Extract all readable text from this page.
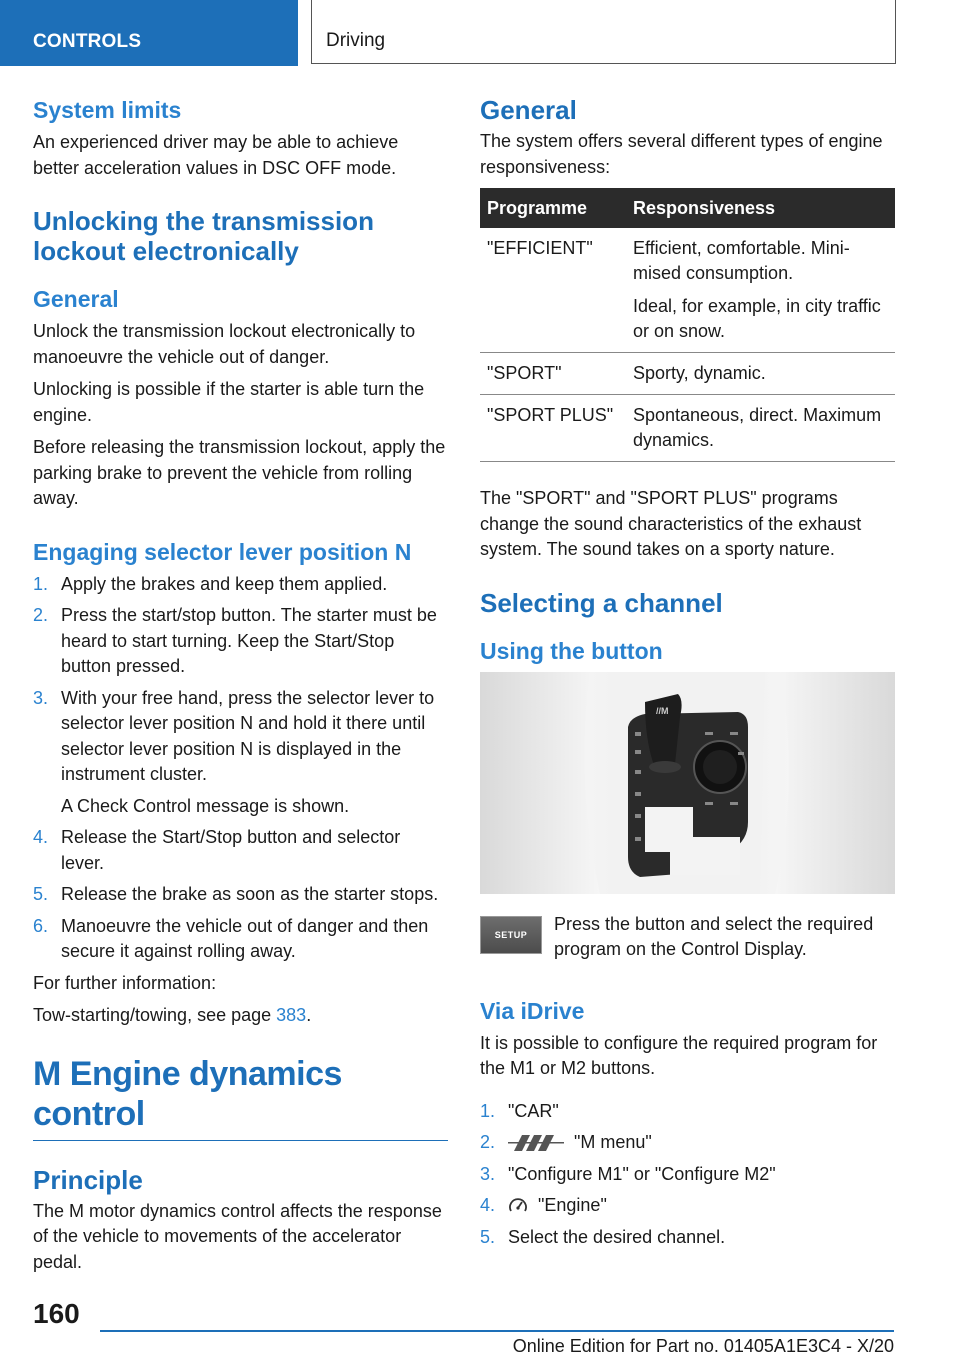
CONTROLS	Driving
System limits

An experienced driver may be able to achieve better acceleration values in DSC OFF mode.

Unlocking the transmission lockout electronically
General

Unlock the transmission lockout electronically to manoeuvre the vehicle out of danger.

Unlocking is possible if the starter is able turn the engine.

Before releasing the transmission lockout, apply the parking brake to prevent the vehicle from rolling away.

Engaging selector lever position N
1. Apply the brakes and keep them applied.
2. Press the start/stop button. The starter must be heard to start turning. Keep the Start/Stop button pressed.
3. With your free hand, press the selector lever to selector lever position N and hold it there until selector lever position N is displayed in the instrument cluster.
A Check Control message is shown.
4. Release the Start/Stop button and selector lever.
5. Release the brake as soon as the starter stops.
6. Manoeuvre the vehicle out of danger and then secure it against rolling away.

For further information:

Tow-starting/towing, see page 383.

M Engine dynamics control
Principle

The M motor dynamics control affects the response of the vehicle to movements of the accelerator pedal.

General

The system offers several different types of engine responsiveness:

Programme	Responsiveness
"EFFICIENT"	Efficient, comfortable. Minimised consumption.
Ideal, for example, in city traffic or on snow.

"SPORT"	Sporty, dynamic.
"SPORT PLUS"	Spontaneous, direct. Maximum dynamics.

The "SPORT" and "SPORT PLUS" programs change the sound characteristics of the exhaust system. The sound takes on a sporty nature.

Selecting a channel
Using the button
//M
SETUP

Press the button and select the required program on the Control Display.

Via iDrive

It is possible to configure the required program for the M1 or M2 buttons.

1. "CAR"
2.	"M menu"
3. "Configure M1" or "Configure M2"
4. "Engine"
5. Select the desired channel.
160
Online Edition for Part no. 01405A1E3C4 - X/20
